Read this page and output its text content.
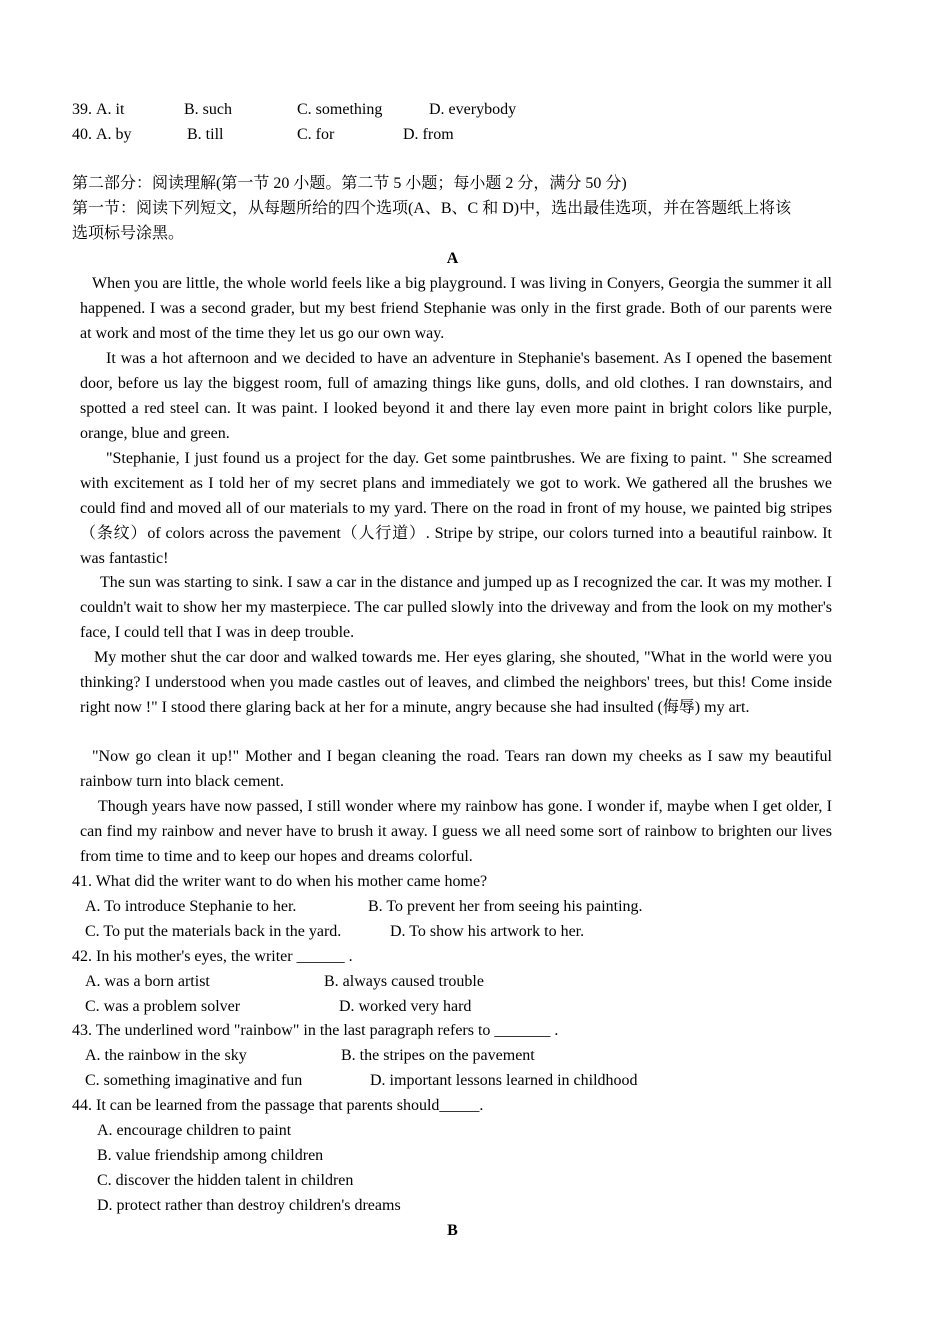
39. A. it	B. such	C. something	D. everybody
40. A. by	B. till	C. for	D. from
第二部分：阅读理解(第一节 20 小题。第二节 5 小题；每小题 2 分，满分 50 分)
第一节：阅读下列短文，从每题所给的四个选项(A、B、C 和 D)中，选出最佳选项，并在答题纸上将该
选项标号涂黑。
A
When you are little, the whole world feels like a big playground. I was living in Conyers, Georgia the summer it all happened. I was a second grader, but my best friend Stephanie was only in the first grade. Both of our parents were at work and most of the time they let us go our own way.
It was a hot afternoon and we decided to have an adventure in Stephanie's basement. As I opened the basement door, before us lay the biggest room, full of amazing things like guns, dolls, and old clothes. I ran downstairs, and spotted a red steel can. It was paint. I looked beyond it and there lay even more paint in bright colors like purple, orange, blue and green.
"Stephanie, I just found us a project for the day. Get some paintbrushes. We are fixing to paint. " She screamed with excitement as I told her of my secret plans and immediately we got to work. We gathered all the brushes we could find and moved all of our materials to my yard. There on the road in front of my house, we painted big stripes（条纹）of colors across the pavement（人行道）. Stripe by stripe, our colors turned into a beautiful rainbow. It was fantastic!
The sun was starting to sink. I saw a car in the distance and jumped up as I recognized the car. It was my mother. I couldn't wait to show her my masterpiece. The car pulled slowly into the driveway and from the look on my mother's face, I could tell that I was in deep trouble.
My mother shut the car door and walked towards me. Her eyes glaring, she shouted, "What in the world were you thinking? I understood when you made castles out of leaves, and climbed the neighbors' trees, but this! Come inside right now !" I stood there glaring back at her for a minute, angry because she had insulted (侮辱) my art.
"Now go clean it up!" Mother and I began cleaning the road. Tears ran down my cheeks as I saw my beautiful rainbow turn into black cement.
Though years have now passed, I still wonder where my rainbow has gone. I wonder if, maybe when I get older, I can find my rainbow and never have to brush it away. I guess we all need some sort of rainbow to brighten our lives from time to time and to keep our hopes and dreams colorful.
41. What did the writer want to do when his mother came home?
A. To introduce Stephanie to her.	B. To prevent her from seeing his painting.
C. To put the materials back in the yard.	D. To show his artwork to her.
42. In his mother's eyes, the writer ______ .
A. was a born artist	B. always caused trouble
C. was a problem solver	D. worked very hard
43. The underlined word "rainbow" in the last paragraph refers to _______ .
A. the rainbow in the sky	B. the stripes on the pavement
C. something imaginative and fun	D. important lessons learned in childhood
44. It can be learned from the passage that parents should_____.
A. encourage children to paint
B. value friendship among children
C. discover the hidden talent in children
D. protect rather than destroy children's dreams
B
